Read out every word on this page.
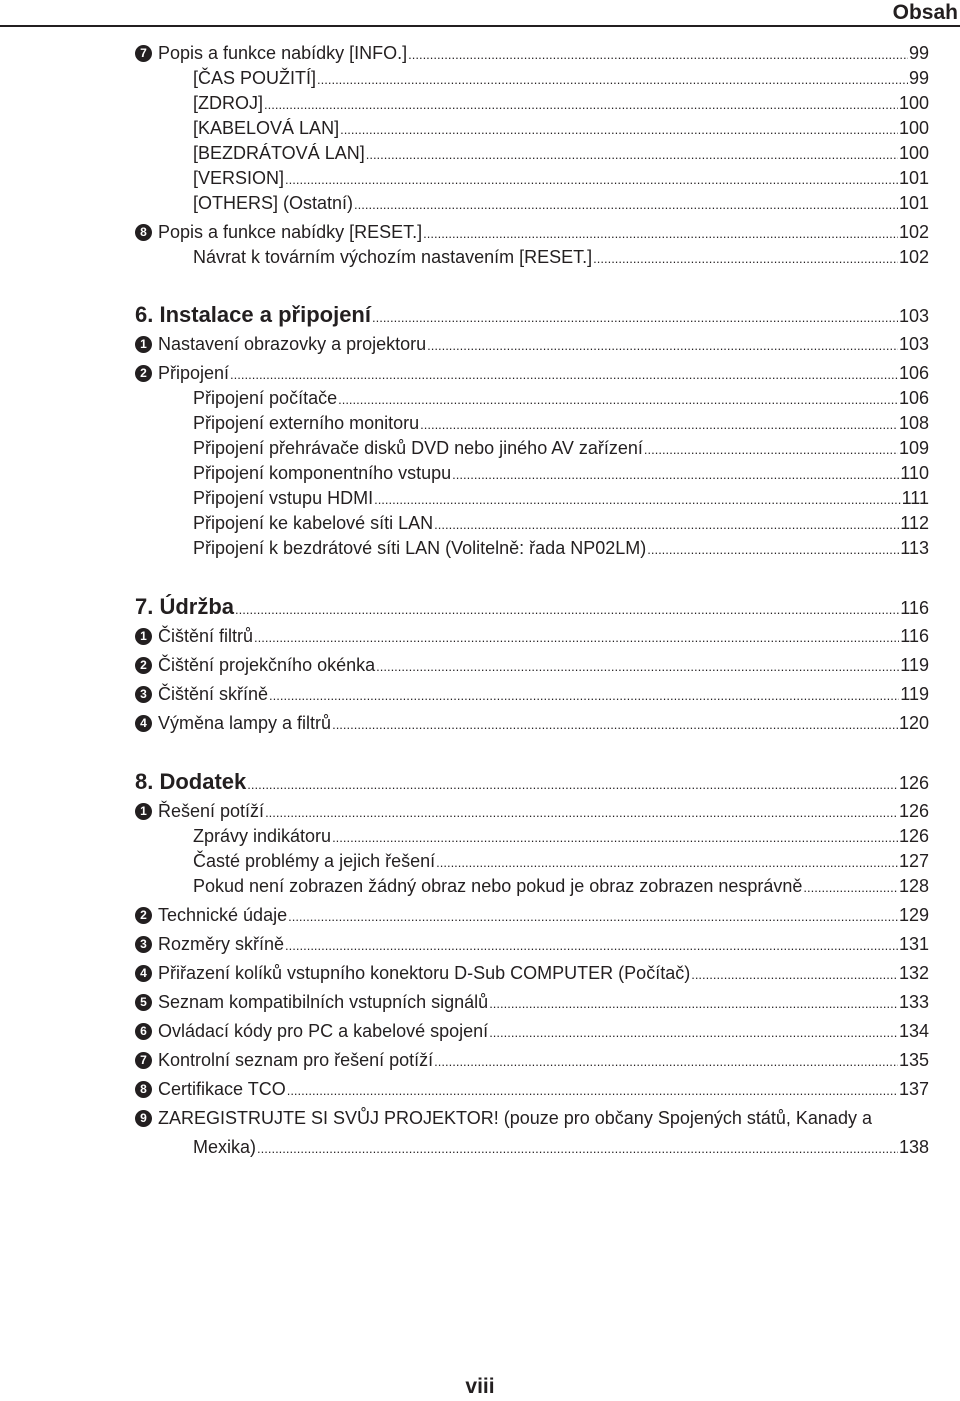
Obsah
7 Popis a funkce nabídky [INFO.] .....	99
[ČAS POUŽITÍ] .....	99
[ZDROJ] .....	100
[KABELOVÁ LAN] .....	100
[BEZDRÁTOVÁ LAN] .....	100
[VERSION] .....	101
[OTHERS] (Ostatní) .....	101
8 Popis a funkce nabídky [RESET.] .....	102
Návrat k továrním výchozím nastavením [RESET.] .....	102
6. Instalace a připojení .....	103
1 Nastavení obrazovky a projektoru .....	103
2 Připojení .....	106
Připojení počítače .....	106
Připojení externího monitoru .....	108
Připojení přehrávače disků DVD nebo jiného AV zařízení .....	109
Připojení komponentního vstupu .....	110
Připojení vstupu HDMI .....	111
Připojení ke kabelové síti LAN .....	112
Připojení k bezdrátové síti LAN (Volitelně: řada NP02LM) .....	113
7. Údržba .....	116
1 Čištění filtrů .....	116
2 Čištění projekčního okénka .....	119
3 Čištění skříně .....	119
4 Výměna lampy a filtrů .....	120
8. Dodatek .....	126
1 Řešení potíží .....	126
Zprávy indikátoru .....	126
Časté problémy a jejich řešení .....	127
Pokud není zobrazen žádný obraz nebo pokud je obraz zobrazen nesprávně .....	128
2 Technické údaje .....	129
3 Rozměry skříně .....	131
4 Přiřazení kolíků vstupního konektoru D-Sub COMPUTER (Počítač) .....	132
5 Seznam kompatibilních vstupních signálů .....	133
6 Ovládací kódy pro PC a kabelové spojení .....	134
7 Kontrolní seznam pro řešení potíží .....	135
8 Certifikace TCO .....	137
9 ZAREGISTRUJTE SI SVŮJ PROJEKTOR! (pouze pro občany Spojených států, Kanady a
Mexika) .....	138
viii
